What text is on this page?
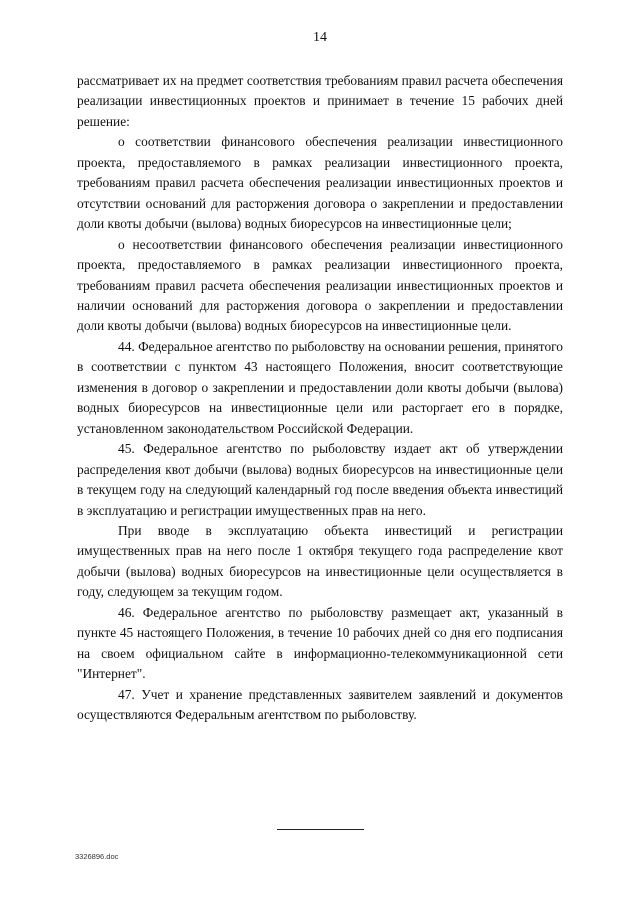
14

рассматривает их на предмет соответствия требованиям правил расчета обеспечения реализации инвестиционных проектов и принимает в течение 15 рабочих дней решение:

о соответствии финансового обеспечения реализации инвестиционного проекта, предоставляемого в рамках реализации инвестиционного проекта, требованиям правил расчета обеспечения реализации инвестиционных проектов и отсутствии оснований для расторжения договора о закреплении и предоставлении доли квоты добычи (вылова) водных биоресурсов на инвестиционные цели;

о несоответствии финансового обеспечения реализации инвестиционного проекта, предоставляемого в рамках реализации инвестиционного проекта, требованиям правил расчета обеспечения реализации инвестиционных проектов и наличии оснований для расторжения договора о закреплении и предоставлении доли квоты добычи (вылова) водных биоресурсов на инвестиционные цели.

44. Федеральное агентство по рыболовству на основании решения, принятого в соответствии с пунктом 43 настоящего Положения, вносит соответствующие изменения в договор о закреплении и предоставлении доли квоты добычи (вылова) водных биоресурсов на инвестиционные цели или расторгает его в порядке, установленном законодательством Российской Федерации.

45. Федеральное агентство по рыболовству издает акт об утверждении распределения квот добычи (вылова) водных биоресурсов на инвестиционные цели в текущем году на следующий календарный год после введения объекта инвестиций в эксплуатацию и регистрации имущественных прав на него.

При вводе в эксплуатацию объекта инвестиций и регистрации имущественных прав на него после 1 октября текущего года распределение квот добычи (вылова) водных биоресурсов на инвестиционные цели осуществляется в году, следующем за текущим годом.

46. Федеральное агентство по рыболовству размещает акт, указанный в пункте 45 настоящего Положения, в течение 10 рабочих дней со дня его подписания на своем официальном сайте в информационно-телекоммуникационной сети "Интернет".

47. Учет и хранение представленных заявителем заявлений и документов осуществляются Федеральным агентством по рыболовству.

3326896.doc
